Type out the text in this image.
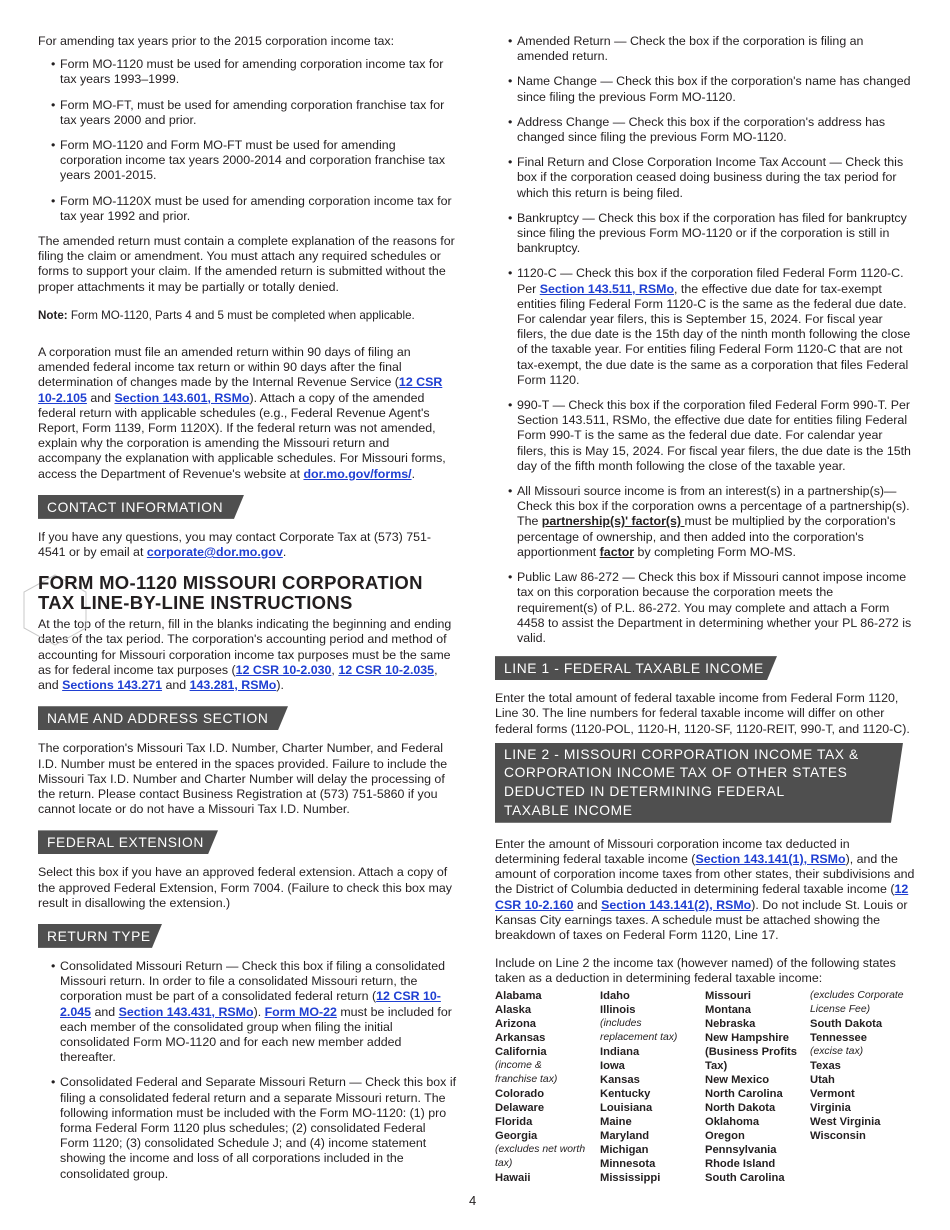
For amending tax years prior to the 2015 corporation income tax:

• Form MO-1120 must be used for amending corporation income tax for tax years 1993–1999.
• Form MO-FT, must be used for amending corporation franchise tax for tax years 2000 and prior.
• Form MO-1120 and Form MO-FT must be used for amending corporation income tax years 2000-2014 and corporation franchise tax years 2001-2015.
• Form MO-1120X must be used for amending corporation income tax for tax year 1992 and prior.

The amended return must contain a complete explanation of the reasons for filing the claim or amendment. You must attach any required schedules or forms to support your claim. If the amended return is submitted without the proper attachments it may be partially or totally denied.

Note: Form MO-1120, Parts 4 and 5 must be completed when applicable.

A corporation must file an amended return within 90 days of filing an amended federal income tax return or within 90 days after the final determination of changes made by the Internal Revenue Service (12 CSR 10-2.105 and Section 143.601, RSMo). Attach a copy of the amended federal return with applicable schedules (e.g., Federal Revenue Agent's Report, Form 1139, Form 1120X). If the federal return was not amended, explain why the corporation is amending the Missouri return and accompany the explanation with applicable schedules. For Missouri forms, access the Department of Revenue's website at dor.mo.gov/forms/.

CONTACT INFORMATION

If you have any questions, you may contact Corporate Tax at (573) 751-4541 or by email at corporate@dor.mo.gov.

FORM MO-1120 MISSOURI CORPORATION
TAX LINE-BY-LINE INSTRUCTIONS

At the top of the return, fill in the blanks indicating the beginning and ending dates of the tax period. The corporation's accounting period and method of accounting for Missouri corporation income tax purposes must be the same as for federal income tax purposes (12 CSR 10-2.030, 12 CSR 10-2.035, and Sections 143.271 and 143.281, RSMo).

NAME AND ADDRESS SECTION

The corporation's Missouri Tax I.D. Number, Charter Number, and Federal I.D. Number must be entered in the spaces provided. Failure to include the Missouri Tax I.D. Number and Charter Number will delay the processing of the return. Please contact Business Registration at (573) 751-5860 if you cannot locate or do not have a Missouri Tax I.D. Number.

FEDERAL EXTENSION

Select this box if you have an approved federal extension. Attach a copy of the approved Federal Extension, Form 7004. (Failure to check this box may result in disallowing the extension.)

RETURN TYPE
• Consolidated Missouri Return — Check this box if filing a consolidated Missouri return. In order to file a consolidated Missouri return, the corporation must be part of a consolidated federal return (12 CSR 10-2.045 and Section 143.431, RSMo). Form MO-22 must be included for each member of the consolidated group when filing the initial consolidated Form MO-1120 and for each new member added thereafter.
• Consolidated Federal and Separate Missouri Return — Check this box if filing a consolidated federal return and a separate Missouri return. The following information must be included with the Form MO-1120: (1) pro forma Federal Form 1120 plus schedules; (2) consolidated Federal Form 1120; (3) consolidated Schedule J; and (4) income statement showing the income and loss of all corporations included in the consolidated group.
• Amended Return — Check the box if the corporation is filing an amended return.
• Name Change — Check this box if the corporation's name has changed since filing the previous Form MO-1120.
• Address Change — Check this box if the corporation's address has changed since filing the previous Form MO-1120.
• Final Return and Close Corporation Income Tax Account — Check this box if the corporation ceased doing business during the tax period for which this return is being filed.
• Bankruptcy — Check this box if the corporation has filed for bankruptcy since filing the previous Form MO-1120 or if the corporation is still in bankruptcy.
• 1120-C — Check this box if the corporation filed Federal Form 1120-C. Per Section 143.511, RSMo, the effective due date for tax-exempt entities filing Federal Form 1120-C is the same as the federal due date. For calendar year filers, this is September 15, 2024. For fiscal year filers, the due date is the 15th day of the ninth month following the close of the taxable year. For entities filing Federal Form 1120-C that are not tax-exempt, the due date is the same as a corporation that files Federal Form 1120.
• 990-T — Check this box if the corporation filed Federal Form 990-T. Per Section 143.511, RSMo, the effective due date for entities filing Federal Form 990-T is the same as the federal due date. For calendar year filers, this is May 15, 2024. For fiscal year filers, the due date is the 15th day of the fifth month following the close of the taxable year.
• All Missouri source income is from an interest(s) in a partnership(s)— Check this box if the corporation owns a percentage of a partnership(s). The partnership(s)' factor(s) must be multiplied by the corporation's percentage of ownership, and then added into the corporation's apportionment factor by completing Form MO-MS.
• Public Law 86-272 — Check this box if Missouri cannot impose income tax on this corporation because the corporation meets the requirement(s) of P.L. 86-272. You may complete and attach a Form 4458 to assist the Department in determining whether your PL 86-272 is valid.
LINE 1 - FEDERAL TAXABLE INCOME

Enter the total amount of federal taxable income from Federal Form 1120, Line 30. The line numbers for federal taxable income will differ on other federal forms (1120-POL, 1120-H, 1120-SF, 1120-REIT, 990-T, and 1120-C).

LINE 2 - MISSOURI CORPORATION INCOME TAX &
CORPORATION INCOME TAX OF OTHER STATES
DEDUCTED IN DETERMINING FEDERAL
TAXABLE INCOME

Enter the amount of Missouri corporation income tax deducted in determining federal taxable income (Section 143.141(1), RSMo), and the amount of corporation income taxes from other states, their subdivisions and the District of Columbia deducted in determining federal taxable income (12 CSR 10-2.160 and Section 143.141(2), RSMo). Do not include St. Louis or Kansas City earnings taxes. A schedule must be attached showing the breakdown of taxes on Federal Form 1120, Line 17.

Include on Line 2 the income tax (however named) of the following states taken as a deduction in determining federal taxable income:

Alabama
Alaska
Arizona
Arkansas
California
(income &
franchise tax)
Colorado
Delaware
Florida
Georgia
(excludes net worth
tax)
Hawaii
Idaho
Illinois
(includes
replacement tax)
Indiana
Iowa
Kansas
Kentucky
Louisiana
Maine
Maryland
Michigan
Minnesota
Mississippi
Missouri
Montana
Nebraska
New Hampshire
(Business Profits
Tax)
New Mexico
North Carolina
North Dakota
Oklahoma
Oregon
Pennsylvania
Rhode Island
South Carolina
(excludes Corporate
License Fee)
South Dakota
Tennessee
(excise tax)
Texas
Utah
Vermont
Virginia
West Virginia
Wisconsin
4
